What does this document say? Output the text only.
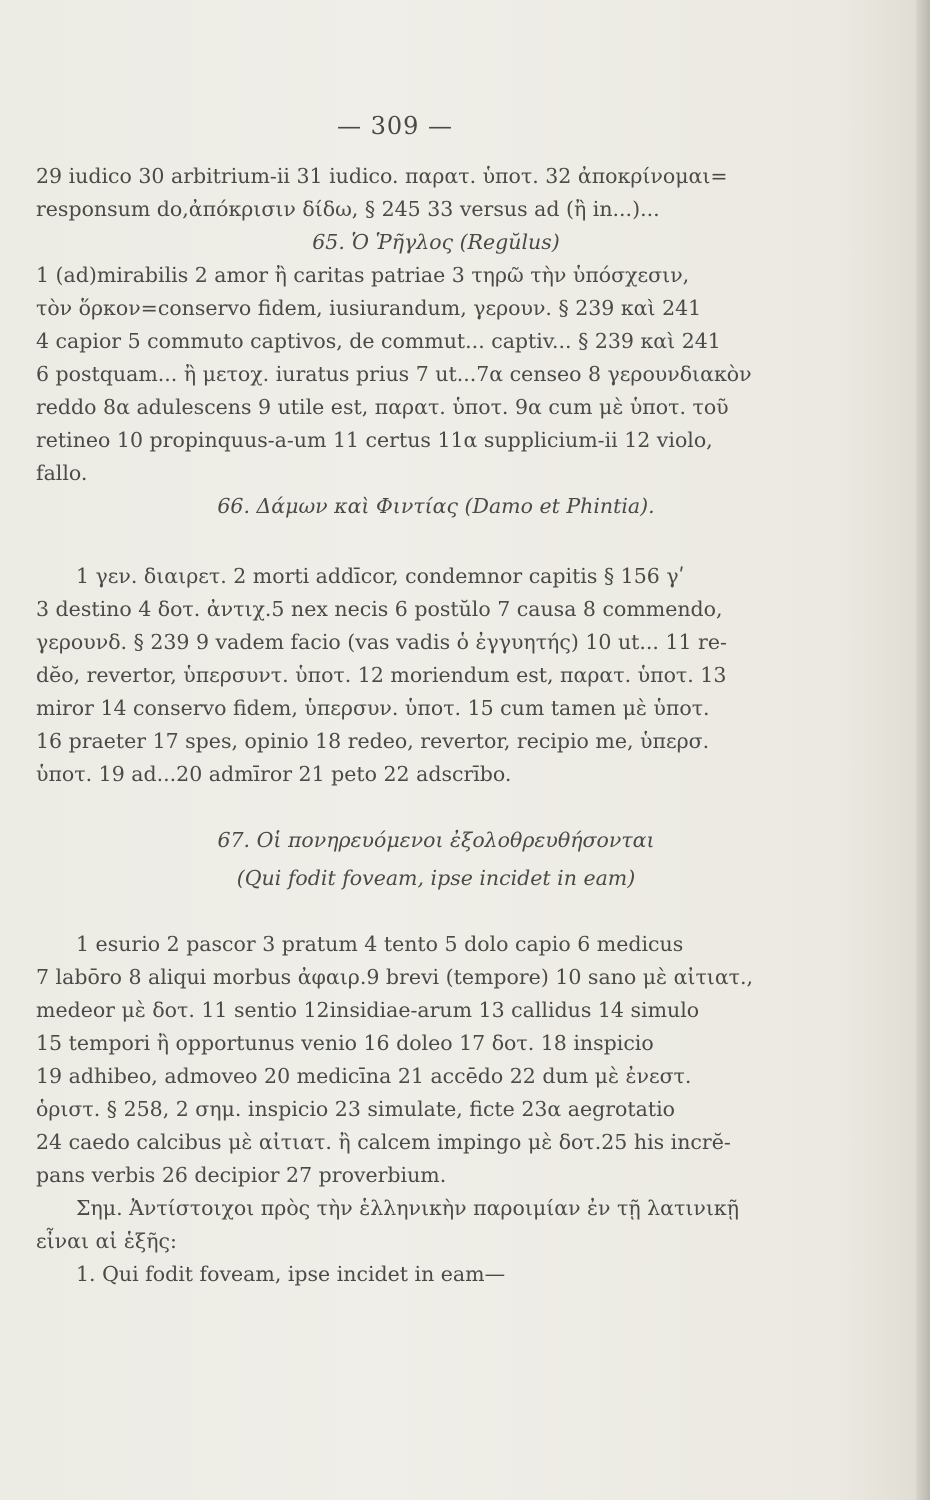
— 309 —
29 iudico 30 arbitrium-ii 31 iudico. παρατ. ὑποτ. 32 ἀποκρίνομαι=
responsum do,ἀπόκρισιν δίδω, § 245 33 versus ad (ἢ in...)...
65. Ὁ Ῥῆγλος (Regŭlus)
1 (ad)mirabilis 2 amor ἢ caritas patriae 3 τηρῶ τὴν ὑπόσχεσιν,
τὸν ὅρκον=conservo fidem, iusiurandum, γερουν. § 239 καὶ 241
4 capior 5 commuto captivos, de commut... captiv... § 239 καὶ 241
6 postquam... ἢ μετοχ. iuratus prius 7 ut...7α censeo 8 γερουνδιακὸν
reddo 8α adulescens 9 utile est, παρατ. ὑποτ. 9α cum μὲ ὑποτ. τοῦ
retineo 10 propinquus-a-um 11 certus 11α supplicium-ii 12 violo,
fallo.
66. Δάμων καὶ Φιντίας (Damo et Phintia).
1 γεν. διαιρετ. 2 morti addīcor, condemnor capitis § 156 γʹ
3 destino 4 δοτ. ἀντιχ.5 nex necis 6 postŭlo 7 causa 8 commendo,
γερουνδ. § 239 9 vadem facio (vas vadis ὁ ἐγγυητής) 10 ut... 11 re-
dĕo, revertor, ὑπερσυντ. ὑποτ. 12 moriendum est, παρατ. ὑποτ. 13
miror 14 conservo fidem, ὑπερσυν. ὑποτ. 15 cum tamen μὲ ὑποτ.
16 praeter 17 spes, opinio 18 redeo, revertor, recipio me, ὑπερσ.
ὑποτ. 19 ad...20 admīror 21 peto 22 adscrībo.
67. Οἱ πονηρευόμενοι ἐξολοθρευθήσονται
(Qui fodit foveam, ipse incidet in eam)
1 esurio 2 pascor 3 pratum 4 tento 5 dolo capio 6 medicus
7 labōro 8 aliqui morbus ἀφαιρ.9 brevi (tempore) 10 sano μὲ αἰτιατ.,
medeor μὲ δοτ. 11 sentio 12insidiae-arum 13 callidus 14 simulo
15 tempori ἢ opportunus venio 16 doleo 17 δοτ. 18 inspicio
19 adhibeo, admoveo 20 medicīna 21 accēdo 22 dum μὲ ἐνεστ.
ὁριστ. § 258, 2 σημ. inspicio 23 simulate, ficte 23α aegrotatio
24 caedo calcibus μὲ αἰτιατ. ἢ calcem impingo μὲ δοτ.25 his incrĕ-
pans verbis 26 decipior 27 proverbium.
Σημ. Ἀντίστοιχοι πρὸς τὴν ἑλληνικὴν παροιμίαν ἐν τῇ λατινικῇ
εἶναι αἱ ἑξῆς:
1. Qui fodit foveam, ipse incidet in eam—
